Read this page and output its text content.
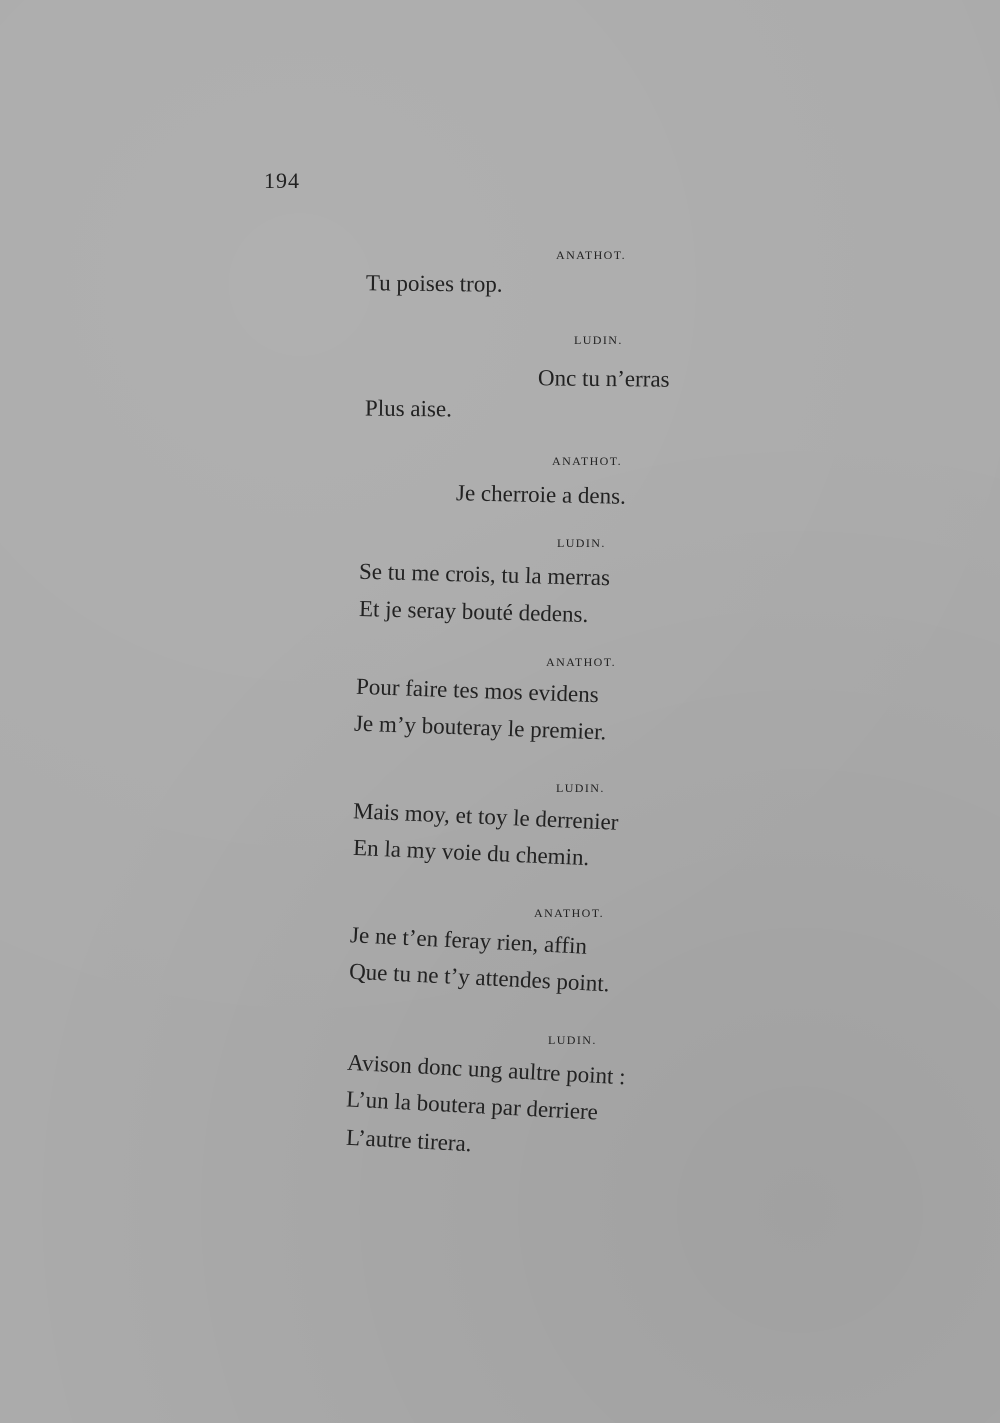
194
ANATHOT.
Tu poises trop.
LUDIN.
Onc tu n’erras
Plus aise.
ANATHOT.
Je cherroie a dens.
LUDIN.
Se tu me crois, tu la merras
Et je seray bouté dedens.
ANATHOT.
Pour faire tes mos evidens
Je m’y bouteray le premier.
LUDIN.
Mais moy, et toy le derrenier
En la my voie du chemin.
ANATHOT.
Je ne t’en feray rien, affin
Que tu ne t’y attendes point.
LUDIN.
Avison donc ung aultre point :
L’un la boutera par derriere
L’autre tirera.
